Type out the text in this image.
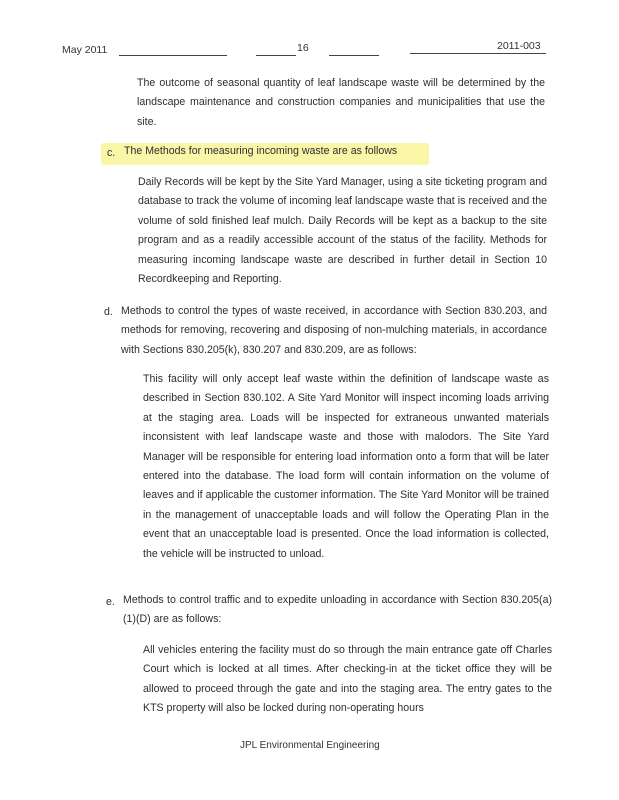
May 2011	16	2011-003

The outcome of seasonal quantity of leaf landscape waste will be determined by the landscape maintenance and construction companies and municipalities that use the site.

c. The Methods for measuring incoming waste are as follows

Daily Records will be kept by the Site Yard Manager, using a site ticketing program and database to track the volume of incoming leaf landscape waste that is received and the volume of sold finished leaf mulch. Daily Records will be kept as a backup to the site program and as a readily accessible account of the status of the facility. Methods for measuring incoming landscape waste are described in further detail in Section 10 Recordkeeping and Reporting.

d. Methods to control the types of waste received, in accordance with Section 830.203, and methods for removing, recovering and disposing of non-mulching materials, in accordance with Sections 830.205(k), 830.207 and 830.209, are as follows:

This facility will only accept leaf waste within the definition of landscape waste as described in Section 830.102. A Site Yard Monitor will inspect incoming loads arriving at the staging area. Loads will be inspected for extraneous unwanted materials inconsistent with leaf landscape waste and those with malodors. The Site Yard Manager will be responsible for entering load information onto a form that will be later entered into the database. The load form will contain information on the volume of leaves and if applicable the customer information. The Site Yard Monitor will be trained in the management of unacceptable loads and will follow the Operating Plan in the event that an unacceptable load is presented. Once the load information is collected, the vehicle will be instructed to unload.

e. Methods to control traffic and to expedite unloading in accordance with Section 830.205(a)(1)(D) are as follows:

All vehicles entering the facility must do so through the main entrance gate off Charles Court which is locked at all times. After checking-in at the ticket office they will be allowed to proceed through the gate and into the staging area. The entry gates to the KTS property will also be locked during non-operating hours

JPL Environmental Engineering
